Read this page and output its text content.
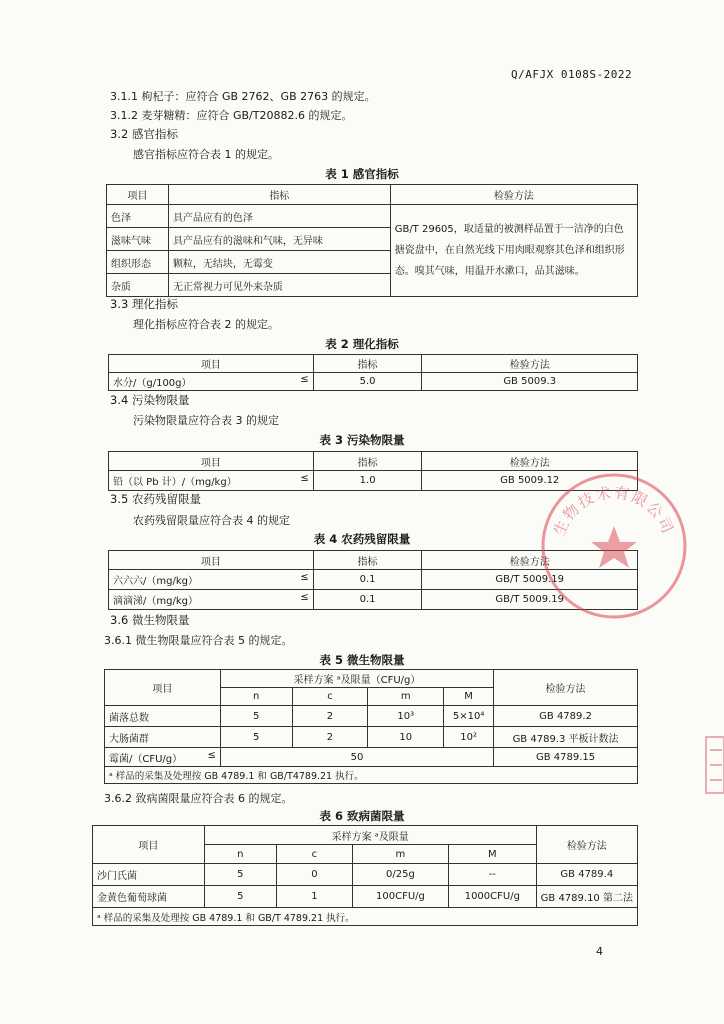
Q/AFJX 0108S-2022
3.1.1 枸杞子：应符合 GB 2762、GB 2763 的规定。
3.1.2 麦芽糖精：应符合 GB/T20882.6 的规定。
3.2 感官指标
感官指标应符合表 1 的规定。
表 1 感官指标
项目	指标	检验方法
色泽	具产品应有的色泽	GB/T 29605，取适量的被测样品置于一洁净的白色搪瓷盘中，在自然光线下用肉眼观察其色泽和组织形态。嗅其气味，用温开水漱口，品其滋味。
滋味气味	具产品应有的滋味和气味，无异味	
组织形态	颗粒，无结块，无霉变	
杂质	无正常视力可见外来杂质	
3.3 理化指标
理化指标应符合表 2 的规定。
表 2 理化指标
项目	指标	检验方法
水分/（g/100g） ≤	5.0	GB 5009.3
3.4 污染物限量
污染物限量应符合表 3 的规定
表 3 污染物限量
项目	指标	检验方法
铅（以 Pb 计）/（mg/kg） ≤	1.0	GB 5009.12
3.5 农药残留限量
农药残留限量应符合表 4 的规定
表 4 农药残留限量
项目	指标	检验方法
六六六/（mg/kg） ≤	0.1	GB/T 5009.19
滴滴涕/（mg/kg） ≤	0.1	GB/T 5009.19
3.6 微生物限量
3.6.1 微生物限量应符合表 5 的规定。
表 5 微生物限量
项目	采样方案 ᵃ及限量（CFU/g）				检验方法
	n	c	m	M	
菌落总数	5	2	10³	5×10⁴	GB 4789.2
大肠菌群	5	2	10	10²	GB 4789.3 平板计数法
霉菌/（CFU/g） ≤	50				GB 4789.15
ᵃ 样品的采集及处理按 GB 4789.1 和 GB/T4789.21 执行。					
3.6.2 致病菌限量应符合表 6 的规定。
表 6 致病菌限量
项目	采样方案 ᵃ及限量				检验方法
	n	c	m	M	
沙门氏菌	5	0	0/25g	--	GB 4789.4
金黄色葡萄球菌	5	1	100CFU/g	1000CFU/g	GB 4789.10 第二法
ᵃ 样品的采集及处理按 GB 4789.1 和 GB/T 4789.21 执行。					
4
生物技术有限公司
